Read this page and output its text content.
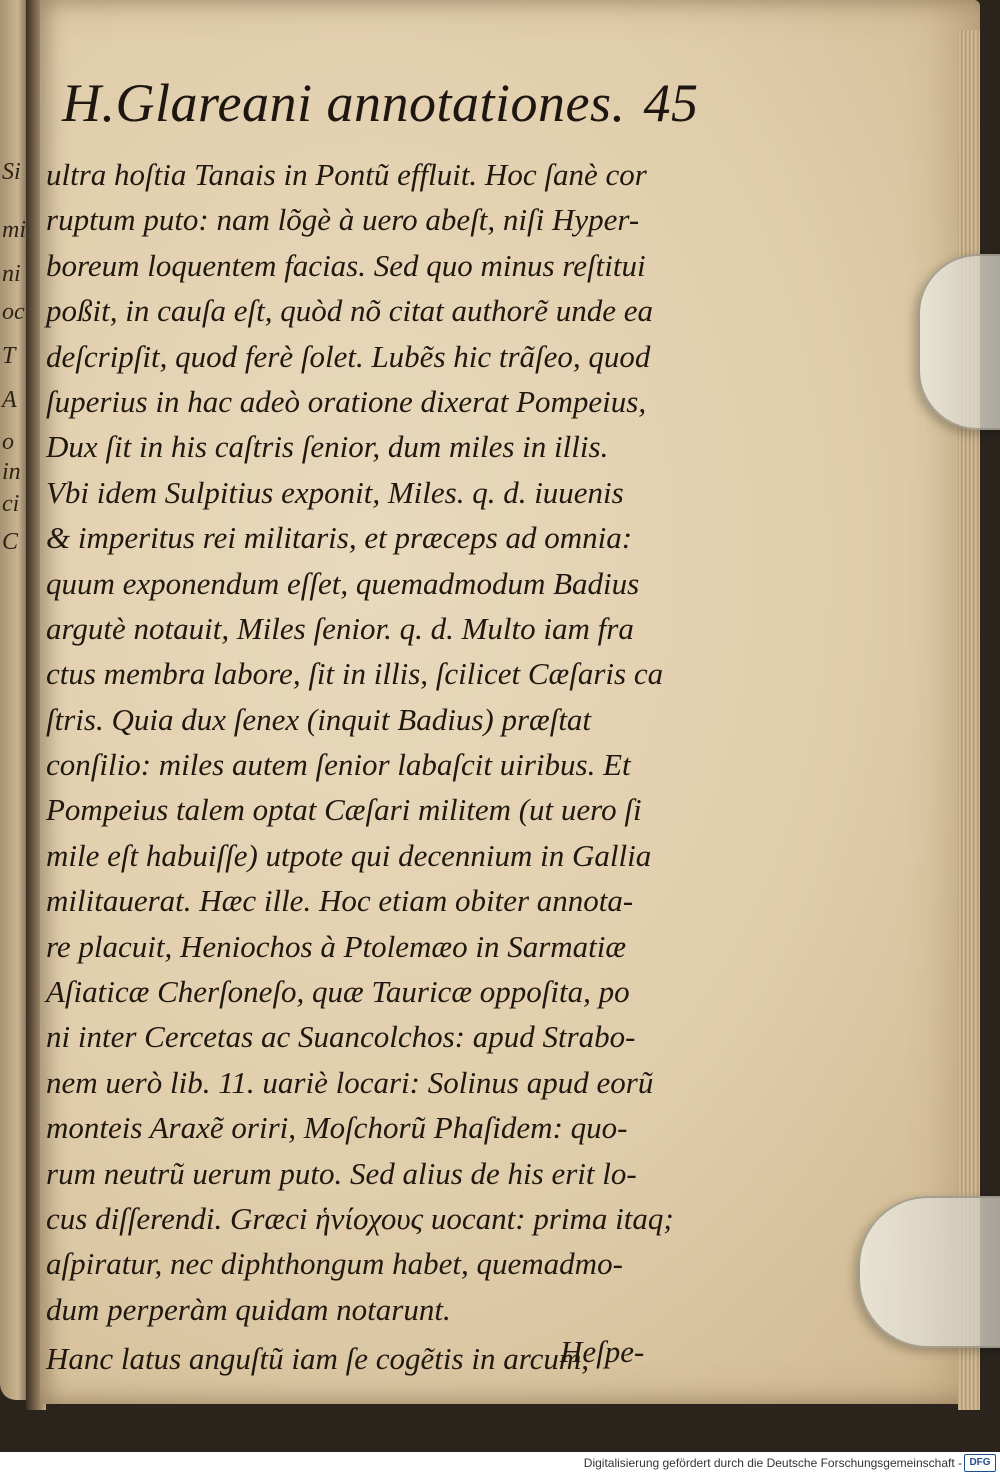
Si
mi
ni
oc
T
A
o
in
ci
C
H.Glareani annotationes. 45
ultra hoſtia Tanais in Pontũ effluit. Hoc ſanè cor
ruptum puto: nam lõgè à uero abeſt, niſi Hyper-
boreum loquentem facias. Sed quo minus reſtitui
poßit, in cauſa eſt, quòd nõ citat authorẽ unde ea
deſcripſit, quod ferè ſolet. Lubẽs hic trãſeo, quod
ſuperius in hac adeò oratione dixerat Pompeius,
Dux ſit in his caſtris ſenior, dum miles in illis.
Vbi idem Sulpitius exponit, Miles. q. d. iuuenis
& imperitus rei militaris, et præceps ad omnia:
quum exponendum eſſet, quemadmodum Badius
argutè notauit, Miles ſenior. q. d. Multo iam fra
ctus membra labore, ſit in illis, ſcilicet Cæſaris ca
ſtris. Quia dux ſenex (inquit Badius) præſtat
conſilio: miles autem ſenior labaſcit uiribus. Et
Pompeius talem optat Cæſari militem (ut uero ſi
mile eſt habuiſſe) utpote qui decennium in Gallia
militauerat. Hæc ille. Hoc etiam obiter annota-
re placuit, Heniochos à Ptolemæo in Sarmatiæ
Aſiaticæ Cherſoneſo, quæ Tauricæ oppoſita, po
ni inter Cercetas ac Suancolchos: apud Strabo-
nem uerò lib. 11. uariè locari: Solinus apud eorũ
monteis Araxẽ oriri, Moſchorũ Phaſidem: quo-
rum neutrũ uerum puto. Sed alius de his erit lo-
cus diſſerendi. Græci ἡνίοχους uocant: prima itaq;
aſpiratur, nec diphthongum habet, quemadmo-
dum perperàm quidam notarunt.
Hanc latus anguſtũ iam ſe cogẽtis in arcum,
Heſpe-
Digitalisierung gefördert durch die Deutsche Forschungsgemeinschaft - DFG
